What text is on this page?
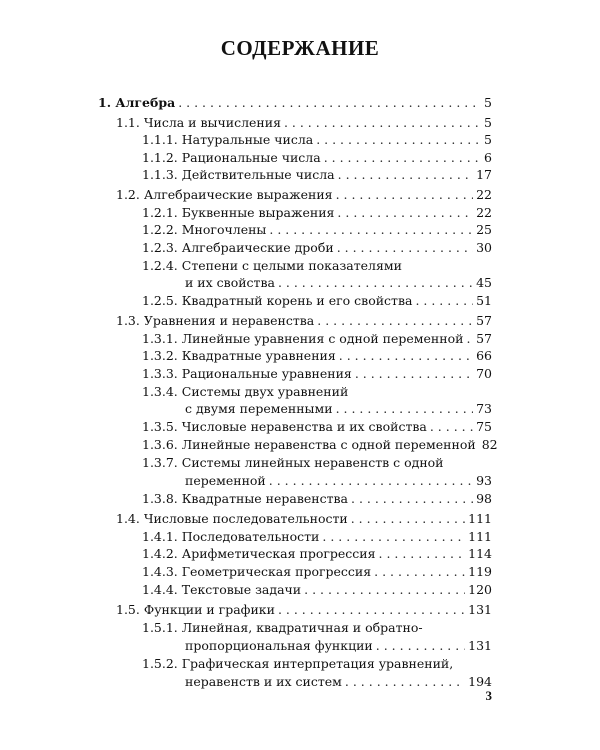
СОДЕРЖАНИЕ
1. Алгебра . . .	5
1.1. Числа и вычисления . . .	5
1.1.1. Натуральные числа . . .	5
1.1.2. Рациональные числа . . .	6
1.1.3. Действительные числа . . .	17
1.2. Алгебраические выражения . . .	22
1.2.1. Буквенные выражения . . .	22
1.2.2. Многочлены . . .	25
1.2.3. Алгебраические дроби . . .	30
1.2.4. Степени с целыми показателями
и их свойства . . .	45
1.2.5. Квадратный корень и его свойства . . .	51
1.3. Уравнения и неравенства . . .	57
1.3.1. Линейные уравнения с одной переменной . . . 57
1.3.2. Квадратные уравнения . . .	66
1.3.3. Рациональные уравнения . . .	70
1.3.4. Системы двух уравнений
с двумя переменными . . .	73
1.3.5. Числовые неравенства и их свойства . . .	75
1.3.6. Линейные неравенства с одной переменной 82
1.3.7. Системы линейных неравенств с одной
переменной . . .	93
1.3.8. Квадратные неравенства . . .	98
1.4. Числовые последовательности . . .	111
1.4.1. Последовательности . . .	111
1.4.2. Арифметическая прогрессия . . .	114
1.4.3. Геометрическая прогрессия . . .	119
1.4.4. Текстовые задачи . . .	120
1.5. Функции и графики . . .	131
1.5.1. Линейная, квадратичная и обратно-
пропорциональная функции . . .	131
1.5.2. Графическая интерпретация уравнений,
неравенств и их систем . . .	194
3
